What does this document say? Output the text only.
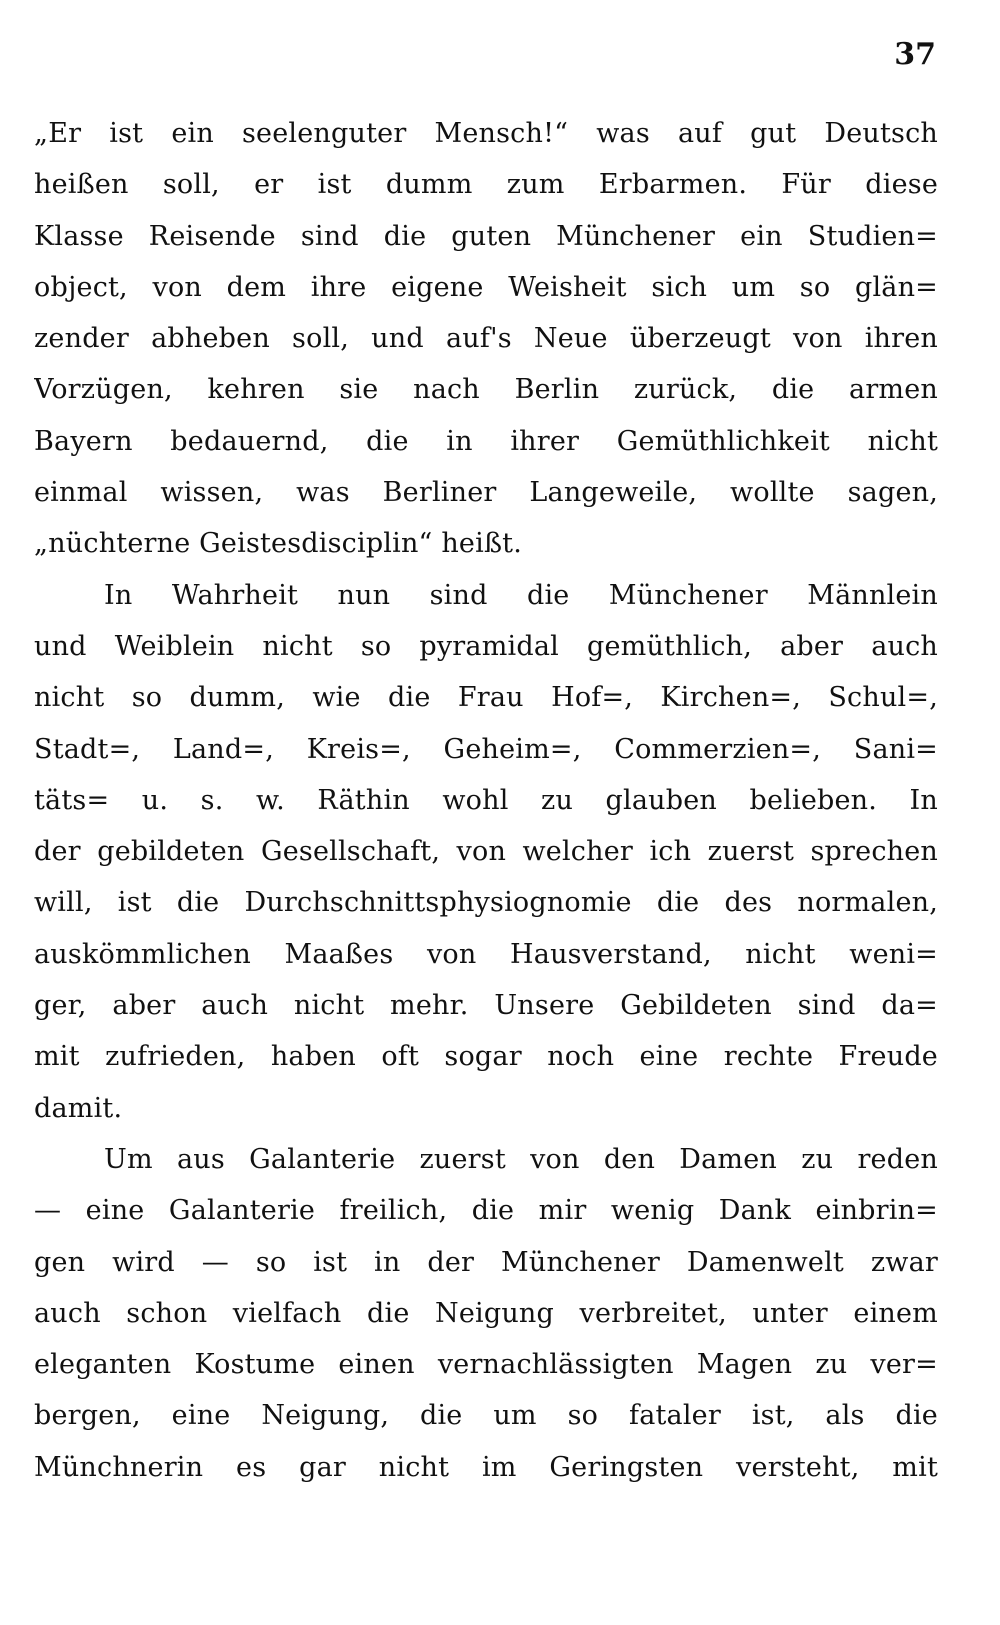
37
„Er ist ein seelenguter Mensch!“ was auf gut Deutsch
heißen soll, er ist dumm zum Erbarmen. Für diese
Klasse Reisende sind die guten Münchener ein Studien=
object, von dem ihre eigene Weisheit sich um so glän=
zender abheben soll, und auf's Neue überzeugt von ihren
Vorzügen, kehren sie nach Berlin zurück, die armen
Bayern bedauernd, die in ihrer Gemüthlichkeit nicht
einmal wissen, was Berliner Langeweile, wollte sagen,
„nüchterne Geistesdisciplin“ heißt.
In Wahrheit nun sind die Münchener Männlein
und Weiblein nicht so pyramidal gemüthlich, aber auch
nicht so dumm, wie die Frau Hof=, Kirchen=, Schul=,
Stadt=, Land=, Kreis=, Geheim=, Commerzien=, Sani=
täts= u. s. w. Räthin wohl zu glauben belieben. In
der gebildeten Gesellschaft, von welcher ich zuerst sprechen
will, ist die Durchschnittsphysiognomie die des normalen,
auskömmlichen Maaßes von Hausverstand, nicht weni=
ger, aber auch nicht mehr. Unsere Gebildeten sind da=
mit zufrieden, haben oft sogar noch eine rechte Freude
damit.
Um aus Galanterie zuerst von den Damen zu reden
— eine Galanterie freilich, die mir wenig Dank einbrin=
gen wird — so ist in der Münchener Damenwelt zwar
auch schon vielfach die Neigung verbreitet, unter einem
eleganten Kostume einen vernachlässigten Magen zu ver=
bergen, eine Neigung, die um so fataler ist, als die
Münchnerin es gar nicht im Geringsten versteht, mit
